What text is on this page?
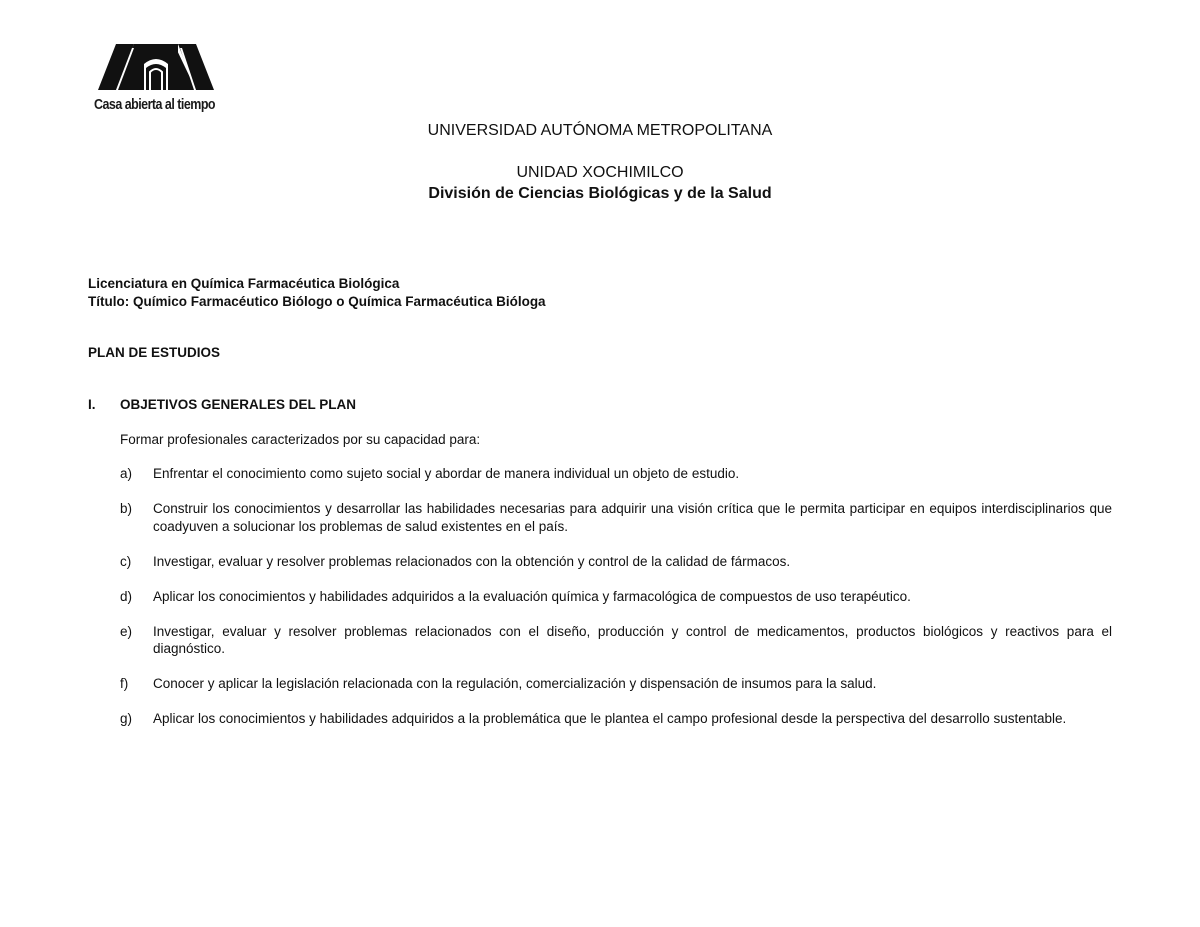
Casa abierta al tiempo
UNIVERSIDAD AUTÓNOMA METROPOLITANA
UNIDAD XOCHIMILCO
División de Ciencias Biológicas y de la Salud
Licenciatura en Química Farmacéutica Biológica
Título: Químico Farmacéutico Biólogo o Química Farmacéutica Bióloga
PLAN DE ESTUDIOS
I. OBJETIVOS GENERALES DEL PLAN
Formar profesionales caracterizados por su capacidad para:
a) Enfrentar el conocimiento como sujeto social y abordar de manera individual un objeto de estudio.
b) Construir los conocimientos y desarrollar las habilidades necesarias para adquirir una visión crítica que le permita participar en equipos interdisciplinarios que coadyuven a solucionar los problemas de salud existentes en el país.
c) Investigar, evaluar y resolver problemas relacionados con la obtención y control de la calidad de fármacos.
d) Aplicar los conocimientos y habilidades adquiridos a la evaluación química y farmacológica de compuestos de uso terapéutico.
e) Investigar, evaluar y resolver problemas relacionados con el diseño, producción y control de medicamentos, productos biológicos y reactivos para el diagnóstico.
f) Conocer y aplicar la legislación relacionada con la regulación, comercialización y dispensación de insumos para la salud.
g) Aplicar los conocimientos y habilidades adquiridos a la problemática que le plantea el campo profesional desde la perspectiva del desarrollo sustentable.
